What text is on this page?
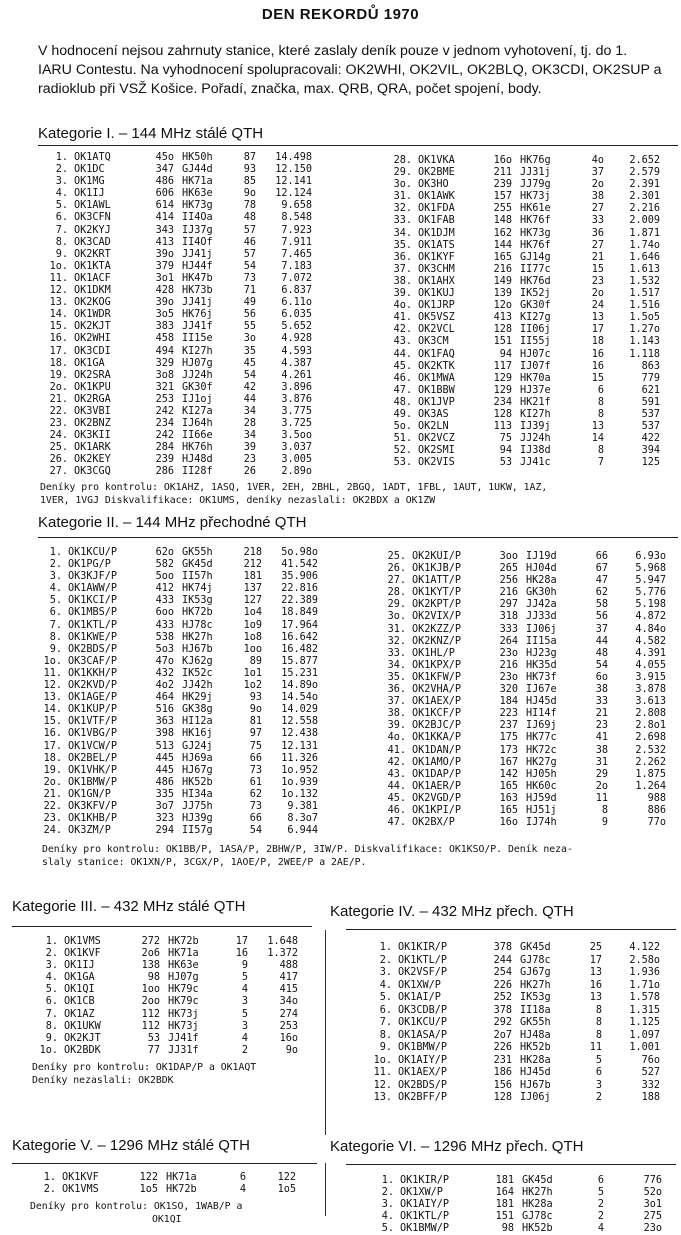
DEN REKORDŮ 1970
V hodnocení nejsou zahrnuty stanice, které zaslaly deník pouze v jednom vyhotovení, tj. do 1. IARU Contestu. Na vyhodnocení spolupracovali: OK2WHI, OK2VIL, OK2BLQ, OK3CDI, OK2SUP a radioklub při VSŽ Košice. Pořadí, značka, max. QRB, QRA, počet spojení, body.
Kategorie I. – 144 MHz stálé QTH
1.	OK1ATQ	45o	HK50h	87	14.498
2.	OK1DC	347	GJ44d	93	12.150
3.	OK1MG	486	HK71a	85	12.141
4.	OK1IJ	606	HK63e	9o	12.124
5.	OK1AWL	614	HK73g	78	9.658
6.	OK3CFN	414	II4Oa	48	8.548
7.	OK2KYJ	343	IJ37g	57	7.923
8.	OK3CAD	413	II4Of	46	7.911
9.	OK2KRT	39o	JJ41j	57	7.465
1o.	OK1KTA	379	HJ44f	54	7.183
11.	OK1ACF	3o1	HK47b	73	7.072
12.	OK1DKM	428	HK73b	71	6.837
13.	OK2KOG	39o	JJ41j	49	6.11o
14.	OK1WDR	3o5	HK76j	56	6.035
15.	OK2KJT	383	JJ41f	55	5.652
16.	OK2WHI	458	II15e	3o	4.928
17.	OK3CDI	494	KI27h	35	4.593
18.	OK1GA	329	HJ07g	45	4.387
19.	OK2SRA	3o8	JJ24h	54	4.261
2o.	OK1KPU	321	GK30f	42	3.896
21.	OK2RGA	253	IJ1oj	44	3.876
22.	OK3VBI	242	KI27a	34	3.775
23.	OK2BNZ	234	IJ64h	28	3.725
24.	OK3KII	242	II66e	34	3.5oo
25.	OK1ARK	284	HK76h	39	3.037
26.	OK2KEY	239	HJ48d	23	3.005
27.	OK3CGQ	286	II28f	26	2.89o
28.	OK1VKA	16o	HK76g	4o	2.652
29.	OK2BME	211	JJ31j	37	2.579
3o.	OK3HO	239	JJ79g	2o	2.391
31.	OK1AWK	157	HK73j	38	2.301
32.	OK1FDA	255	HK61e	27	2.216
33.	OK1FAB	148	HK76f	33	2.009
34.	OK1DJM	162	HK73g	36	1.871
35.	OK1ATS	144	HK76f	27	1.74o
36.	OK1KYF	165	GJ14g	21	1.646
37.	OK3CHM	216	II77c	15	1.613
38.	OK1AHX	149	HK76d	23	1.532
39.	OK1KUJ	139	IK52j	2o	1.517
4o.	OK1JRP	12o	GK30f	24	1.516
41.	OK5VSZ	413	KI27g	13	1.5o5
42.	OK2VCL	128	II06j	17	1.27o
43.	OK3CM	151	II55j	18	1.143
44.	OK1FAQ	94	HJ07c	16	1.118
45.	OK2KTK	117	IJ07f	16	863
46.	OK1MWA	129	HK70a	15	779
47.	OK1BBW	129	HJ37e	6	621
48.	OK1JVP	234	HK21f	8	591
49.	OK3AS	128	KI27h	8	537
5o.	OK2LN	113	IJ39j	13	537
51.	OK2VCZ	75	JJ24h	14	422
52.	OK2SMI	94	IJ38d	8	394
53.	OK2VIS	53	JJ41c	7	125
Deníky pro kontrolu: OK1AHZ, 1ASQ, 1VER, 2EH, 2BHL, 2BGQ, 1ADT, 1FBL, 1AUT, 1UKW, 1AZ,
1VER, 1VGJ Diskvalifikace: OK1UMS, deníky nezaslali: OK2BDX a OK1ZW
Kategorie II. – 144 MHz přechodné QTH
1.	OK1KCU/P	62o	GK55h	218	5o.98o
2.	OK1PG/P	582	GK45d	212	41.542
3.	OK3KJF/P	5oo	II57h	181	35.906
4.	OK1AWW/P	412	HK74j	137	22.816
5.	OK1KCI/P	433	IK53g	127	22.389
6.	OK1MBS/P	6oo	HK72b	1o4	18.849
7.	OK1KTL/P	433	HJ78c	1o9	17.964
8.	OK1KWE/P	538	HK27h	1o8	16.642
9.	OK2BDS/P	5o3	HJ67b	1oo	16.482
1o.	OK3CAF/P	47o	KJ62g	89	15.877
11.	OK1KKH/P	432	IK52c	1o1	15.231
12.	OK2KVD/P	4o2	JJ42h	1o2	14.89o
13.	OK1AGE/P	464	HK29j	93	14.54o
14.	OK1KUP/P	516	GK38g	9o	14.029
15.	OK1VTF/P	363	HI12a	81	12.558
16.	OK1VBG/P	398	HK16j	97	12.438
17.	OK1VCW/P	513	GJ24j	75	12.131
18.	OK2BEL/P	445	HJ69a	66	11.326
19.	OK1VHK/P	445	HJ67g	73	1o.952
2o.	OK1BMW/P	486	HK52b	61	1o.939
21.	OK1GN/P	335	HI34a	62	1o.132
22.	OK3KFV/P	3o7	JJ75h	73	9.381
23.	OK1KHB/P	323	HJ39g	66	8.3o7
24.	OK3ZM/P	294	II57g	54	6.944
25.	OK2KUI/P	3oo	IJ19d	66	6.93o
26.	OK1KJB/P	265	HJ04d	67	5.968
27.	OK1ATT/P	256	HK28a	47	5.947
28.	OK1KYT/P	216	GK30h	62	5.776
29.	OK2KPT/P	297	JJ42a	58	5.198
3o.	OK2VIX/P	318	JJ33d	56	4.872
31.	OK2KZZ/P	333	IJ06j	37	4.84o
32.	OK2KNZ/P	264	II15a	44	4.582
33.	OK1HL/P	23o	HJ23g	48	4.391
34.	OK1KPX/P	216	HK35d	54	4.055
35.	OK1KFW/P	23o	HK73f	6o	3.915
36.	OK2VHA/P	320	IJ67e	38	3.878
37.	OK1AEX/P	184	HJ45d	33	3.613
38.	OK1KCF/P	223	HI14f	21	2.808
39.	OK2BJC/P	237	IJ69j	23	2.8o1
4o.	OK1KKA/P	175	HK77c	41	2.698
41.	OK1DAN/P	173	HK72c	38	2.532
42.	OK1AMO/P	167	HK27g	31	2.262
43.	OK1DAP/P	142	HJ05h	29	1.875
44.	OK1AER/P	165	HK60c	2o	1.264
45.	OK2VGD/P	163	HJ59d	11	988
46.	OK1KPI/P	165	HJ51j	8	886
47.	OK2BX/P	16o	IJ74h	9	77o
Deníky pro kontrolu: OK1BB/P, 1ASA/P, 2BHW/P, 3IW/P. Diskvalifikace: OK1KSO/P. Deník neza-
slaly stanice: OK1XN/P, 3CGX/P, 1AOE/P, 2WEE/P a 2AE/P.
Kategorie III. – 432 MHz stálé QTH
1.	OK1VMS	272	HK72b	17	1.648
2.	OK1KVF	2o6	HK71a	16	1.372
3.	OK1IJ	138	HK63e	9	488
4.	OK1GA	98	HJ07g	5	417
5.	OK1QI	1oo	HK79c	4	415
6.	OK1CB	2oo	HK79c	3	34o
7.	OK1AZ	112	HK73j	5	274
8.	OK1UKW	112	HK73j	3	253
9.	OK2KJT	53	JJ41f	4	16o
1o.	OK2BDK	77	JJ31f	2	9o
Deníky pro kontrolu: OK1DAP/P a OK1AQT
Deníky nezaslali: OK2BDK
Kategorie IV. – 432 MHz přech. QTH
1.	OK1KIR/P	378	GK45d	25	4.122
2.	OK1KTL/P	244	GJ78c	17	2.58o
3.	OK2VSF/P	254	GJ67g	13	1.936
4.	OK1XW/P	226	HK27h	16	1.71o
5.	OK1AI/P	252	IK53g	13	1.578
6.	OK3CDB/P	378	II18a	8	1.315
7.	OK1KCU/P	292	GK55h	8	1.125
8.	OK1ASA/P	2o7	HJ48a	8	1.097
9.	OK1BMW/P	226	HK52b	11	1.001
1o.	OK1AIY/P	231	HK28a	5	76o
11.	OK1AEX/P	186	HJ45d	6	527
12.	OK2BDS/P	156	HJ67b	3	332
13.	OK2BFF/P	128	IJ06j	2	188
Kategorie V. – 1296 MHz stálé QTH
1.	OK1KVF	122	HK71a	6	122
2.	OK1VMS	1o5	HK72b	4	1o5
Deníky pro kontrolu: OK1SO, 1WAB/P a
OK1QI
Kategorie VI. – 1296 MHz přech. QTH
1.	OK1KIR/P	181	GK45d	6	776
2.	OK1XW/P	164	HK27h	5	52o
3.	OK1AIY/P	181	HK28a	2	3o1
4.	OK1KTL/P	151	GJ78c	2	275
5.	OK1BMW/P	98	HK52b	4	23o
